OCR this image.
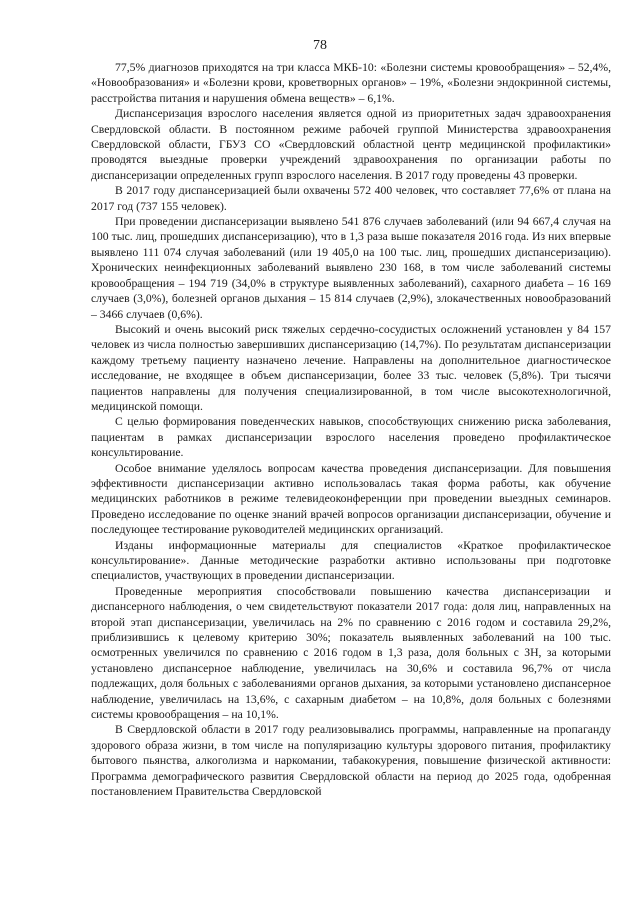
78

77,5% диагнозов приходятся на три класса МКБ-10: «Болезни системы кровообращения» – 52,4%, «Новообразования» и «Болезни крови, кроветворных органов» – 19%, «Болезни эндокринной системы, расстройства питания и нарушения обмена веществ» – 6,1%.

Диспансеризация взрослого населения является одной из приоритетных задач здравоохранения Свердловской области. В постоянном режиме рабочей группой Министерства здравоохранения Свердловской области, ГБУЗ СО «Свердловский областной центр медицинской профилактики» проводятся выездные проверки учреждений здравоохранения по организации работы по диспансеризации определенных групп взрослого населения. В 2017 году проведены 43 проверки.

В 2017 году диспансеризацией были охвачены 572 400 человек, что составляет 77,6% от плана на 2017 год (737 155 человек).

При проведении диспансеризации выявлено 541 876 случаев заболеваний (или 94 667,4 случая на 100 тыс. лиц, прошедших диспансеризацию), что в 1,3 раза выше показателя 2016 года. Из них впервые выявлено 111 074 случая заболеваний (или 19 405,0 на 100 тыс. лиц, прошедших диспансеризацию). Хронических неинфекционных заболеваний выявлено 230 168, в том числе заболеваний системы кровообращения – 194 719 (34,0% в структуре выявленных заболеваний), сахарного диабета – 16 169 случаев (3,0%), болезней органов дыхания – 15 814 случаев (2,9%), злокачественных новообразований – 3466 случаев (0,6%).

Высокий и очень высокий риск тяжелых сердечно-сосудистых осложнений установлен у 84 157 человек из числа полностью завершивших диспансеризацию (14,7%). По результатам диспансеризации каждому третьему пациенту назначено лечение. Направлены на дополнительное диагностическое исследование, не входящее в объем диспансеризации, более 33 тыс. человек (5,8%). Три тысячи пациентов направлены для получения специализированной, в том числе высокотехнологичной, медицинской помощи.

С целью формирования поведенческих навыков, способствующих снижению риска заболевания, пациентам в рамках диспансеризации взрослого населения проведено профилактическое консультирование.

Особое внимание уделялось вопросам качества проведения диспансеризации. Для повышения эффективности диспансеризации активно использовалась такая форма работы, как обучение медицинских работников в режиме телевидеоконференции при проведении выездных семинаров. Проведено исследование по оценке знаний врачей вопросов организации диспансеризации, обучение и последующее тестирование руководителей медицинских организаций.

Изданы информационные материалы для специалистов «Краткое профилактическое консультирование». Данные методические разработки активно использованы при подготовке специалистов, участвующих в проведении диспансеризации.

Проведенные мероприятия способствовали повышению качества диспансеризации и диспансерного наблюдения, о чем свидетельствуют показатели 2017 года: доля лиц, направленных на второй этап диспансеризации, увеличилась на 2% по сравнению с 2016 годом и составила 29,2%, приблизившись к целевому критерию 30%; показатель выявленных заболеваний на 100 тыс. осмотренных увеличился по сравнению с 2016 годом в 1,3 раза, доля больных с ЗН, за которыми установлено диспансерное наблюдение, увеличилась на 30,6% и составила 96,7% от числа подлежащих, доля больных с заболеваниями органов дыхания, за которыми установлено диспансерное наблюдение, увеличилась на 13,6%, с сахарным диабетом – на 10,8%, доля больных с болезнями системы кровообращения – на 10,1%.

В Свердловской области в 2017 году реализовывались программы, направленные на пропаганду здорового образа жизни, в том числе на популяризацию культуры здорового питания, профилактику бытового пьянства, алкоголизма и наркомании, табакокурения, повышение физической активности: Программа демографического развития Свердловской области на период до 2025 года, одобренная постановлением Правительства Свердловской
